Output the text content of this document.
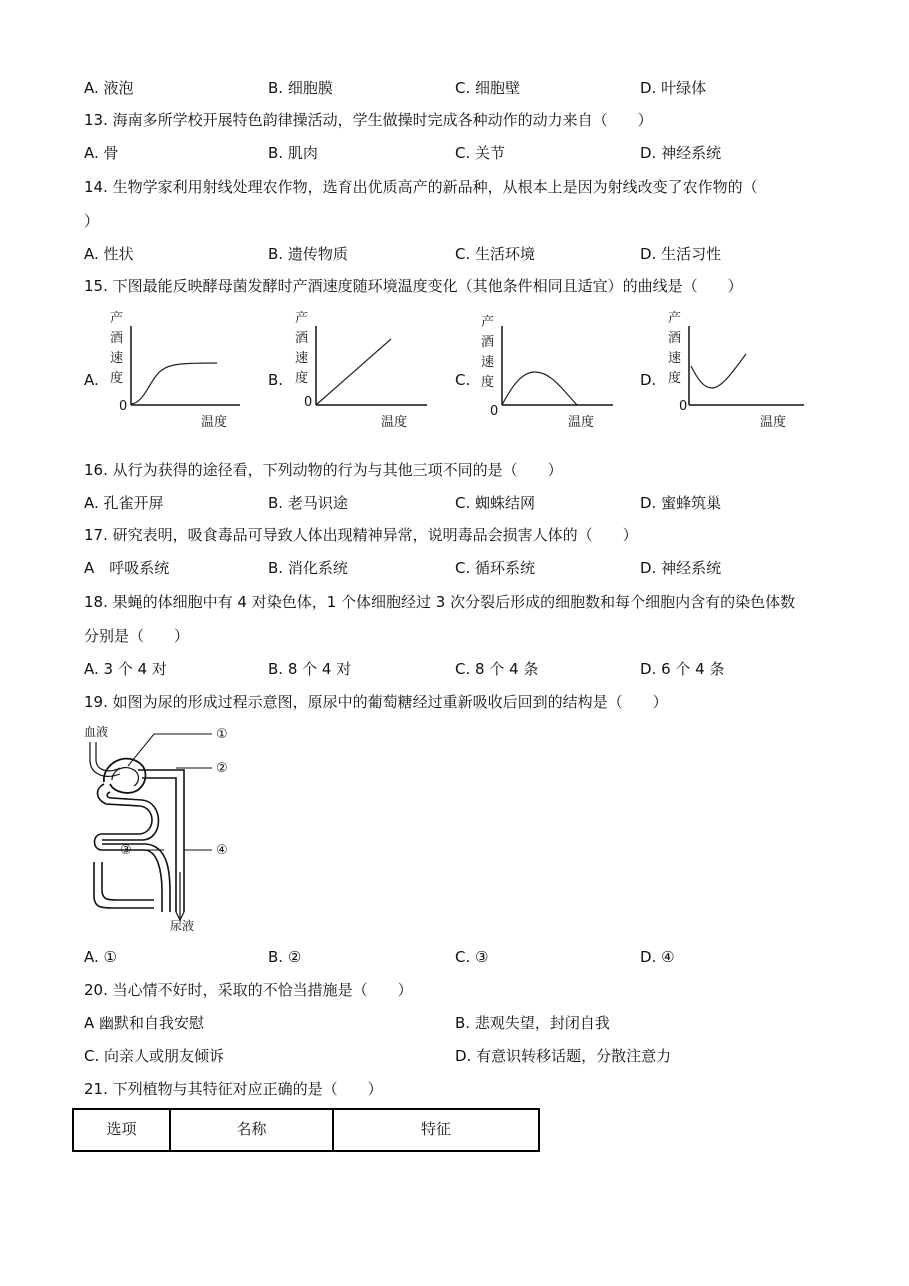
A. 液泡	B. 细胞膜	C. 细胞壁	D. 叶绿体
13. 海南多所学校开展特色韵律操活动，学生做操时完成各种动作的动力来自（　　）
A. 骨	B. 肌肉	C. 关节	D. 神经系统
14. 生物学家利用射线处理农作物，选育出优质高产的新品种，从根本上是因为射线改变了农作物的（
）
A. 性状	B. 遗传物质	C. 生活环境	D. 生活习性
15. 下图最能反映酵母菌发酵时产酒速度随环境温度变化（其他条件相同且适宜）的曲线是（　　）
A.
产
酒
速
度
0
温度
B.
产
酒
速
度
0
温度
C.
产
酒
速
度
0
温度
D.
产
酒
速
度
0
温度
16. 从行为获得的途径看，下列动物的行为与其他三项不同的是（　　）
A. 孔雀开屏	B. 老马识途	C. 蜘蛛结网	D. 蜜蜂筑巢
17. 研究表明，吸食毒品可导致人体出现精神异常，说明毒品会损害人体的（　　）
A　呼吸系统	B. 消化系统	C. 循环系统	D. 神经系统
18. 果蝇的体细胞中有 4 对染色体，1 个体细胞经过 3 次分裂后形成的细胞数和每个细胞内含有的染色体数
分别是（　　）
A. 3 个 4 对	B. 8 个 4 对	C. 8 个 4 条	D. 6 个 4 条
19. 如图为尿的形成过程示意图，原尿中的葡萄糖经过重新吸收后回到的结构是（　　）
血液
尿液
①
②
③	④
A. ①	B. ②	C. ③	D. ④
20. 当心情不好时，采取的不恰当措施是（　　）
A 幽默和自我安慰	B. 悲观失望，封闭自我
C. 向亲人或朋友倾诉	D. 有意识转移话题，分散注意力
21. 下列植物与其特征对应正确的是（　　）
选项	名称	特征
